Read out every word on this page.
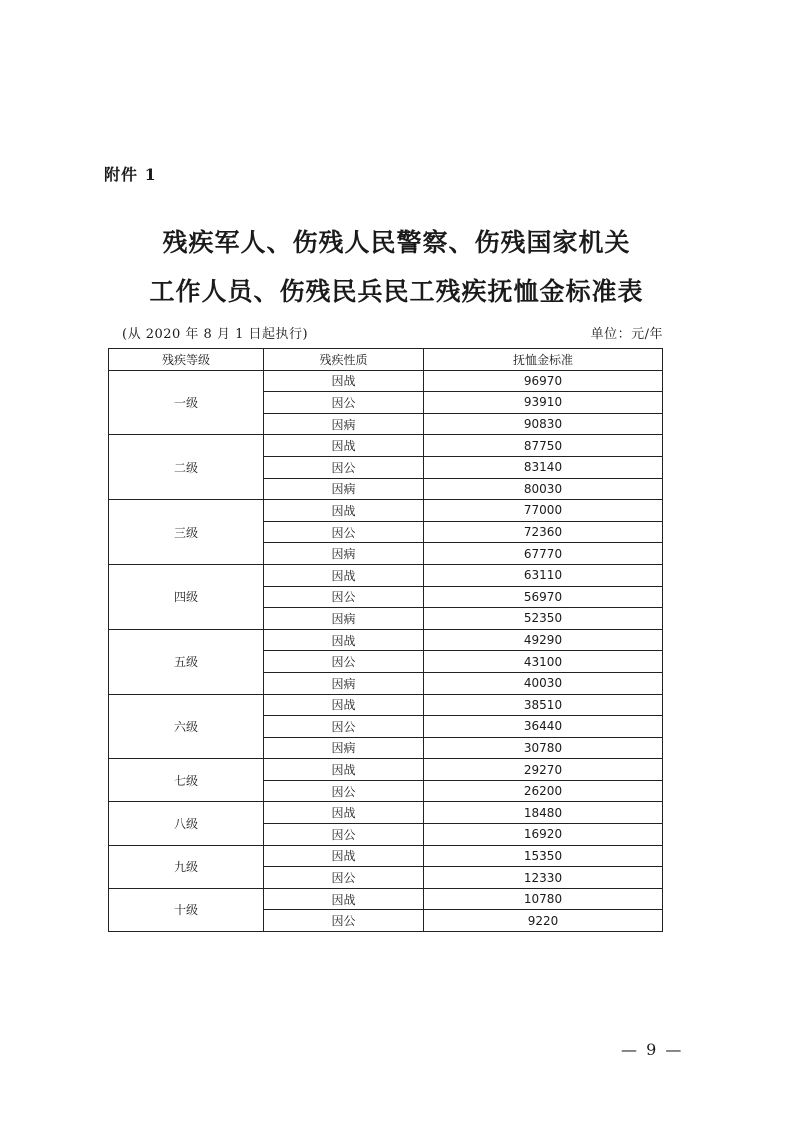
附件 1
残疾军人、伤残人民警察、伤残国家机关
工作人员、伤残民兵民工残疾抚恤金标准表
(从 2020 年 8 月 1 日起执行)	单位：元/年
残疾等级	残疾性质	抚恤金标准
一级	因战	96970
	因公	93910
	因病	90830
二级	因战	87750
	因公	83140
	因病	80030
三级	因战	77000
	因公	72360
	因病	67770
四级	因战	63110
	因公	56970
	因病	52350
五级	因战	49290
	因公	43100
	因病	40030
六级	因战	38510
	因公	36440
	因病	30780
七级	因战	29270
	因公	26200
八级	因战	18480
	因公	16920
九级	因战	15350
	因公	12330
十级	因战	10780
	因公	9220
— 9 —
